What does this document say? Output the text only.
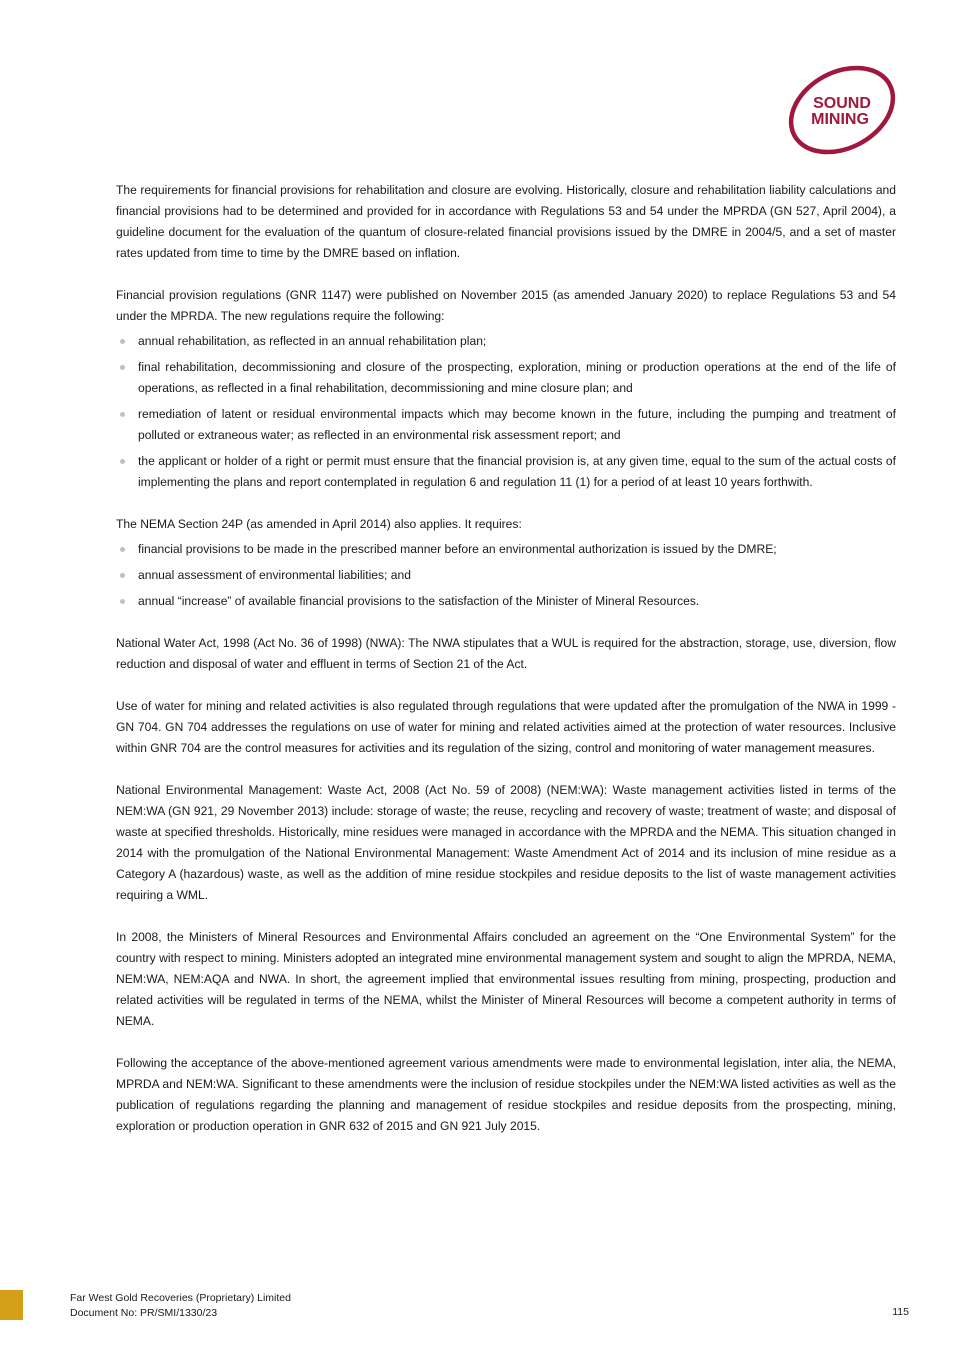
SOUND
MINING

The requirements for financial provisions for rehabilitation and closure are evolving. Historically, closure and rehabilitation liability calculations and financial provisions had to be determined and provided for in accordance with Regulations 53 and 54 under the MPRDA (GN 527, April 2004), a guideline document for the evaluation of the quantum of closure-related financial provisions issued by the DMRE in 2004/5, and a set of master rates updated from time to time by the DMRE based on inflation.

Financial provision regulations (GNR 1147) were published on November 2015 (as amended January 2020) to replace Regulations 53 and 54 under the MPRDA. The new regulations require the following:

annual rehabilitation, as reflected in an annual rehabilitation plan;
final rehabilitation, decommissioning and closure of the prospecting, exploration, mining or production operations at the end of the life of operations, as reflected in a final rehabilitation, decommissioning and mine closure plan; and
remediation of latent or residual environmental impacts which may become known in the future, including the pumping and treatment of polluted or extraneous water; as reflected in an environmental risk assessment report; and
the applicant or holder of a right or permit must ensure that the financial provision is, at any given time, equal to the sum of the actual costs of implementing the plans and report contemplated in regulation 6 and regulation 11 (1) for a period of at least 10 years forthwith.

The NEMA Section 24P (as amended in April 2014) also applies. It requires:

financial provisions to be made in the prescribed manner before an environmental authorization is issued by the DMRE;
annual assessment of environmental liabilities; and
annual “increase” of available financial provisions to the satisfaction of the Minister of Mineral Resources.

National Water Act, 1998 (Act No. 36 of 1998) (NWA): The NWA stipulates that a WUL is required for the abstraction, storage, use, diversion, flow reduction and disposal of water and effluent in terms of Section 21 of the Act.

Use of water for mining and related activities is also regulated through regulations that were updated after the promulgation of the NWA in 1999 - GN 704. GN 704 addresses the regulations on use of water for mining and related activities aimed at the protection of water resources. Inclusive within GNR 704 are the control measures for activities and its regulation of the sizing, control and monitoring of water management measures.

National Environmental Management: Waste Act, 2008 (Act No. 59 of 2008) (NEM:WA): Waste management activities listed in terms of the NEM:WA (GN 921, 29 November 2013) include: storage of waste; the reuse, recycling and recovery of waste; treatment of waste; and disposal of waste at specified thresholds. Historically, mine residues were managed in accordance with the MPRDA and the NEMA. This situation changed in 2014 with the promulgation of the National Environmental Management: Waste Amendment Act of 2014 and its inclusion of mine residue as a Category A (hazardous) waste, as well as the addition of mine residue stockpiles and residue deposits to the list of waste management activities requiring a WML.

In 2008, the Ministers of Mineral Resources and Environmental Affairs concluded an agreement on the “One Environmental System” for the country with respect to mining. Ministers adopted an integrated mine environmental management system and sought to align the MPRDA, NEMA, NEM:WA, NEM:AQA and NWA. In short, the agreement implied that environmental issues resulting from mining, prospecting, production and related activities will be regulated in terms of the NEMA, whilst the Minister of Mineral Resources will become a competent authority in terms of NEMA.

Following the acceptance of the above-mentioned agreement various amendments were made to environmental legislation, inter alia, the NEMA, MPRDA and NEM:WA. Significant to these amendments were the inclusion of residue stockpiles under the NEM:WA listed activities as well as the publication of regulations regarding the planning and management of residue stockpiles and residue deposits from the prospecting, mining, exploration or production operation in GNR 632 of 2015 and GN 921 July 2015.

Far West Gold Recoveries (Proprietary) Limited
Document No: PR/SMI/1330/23	115
